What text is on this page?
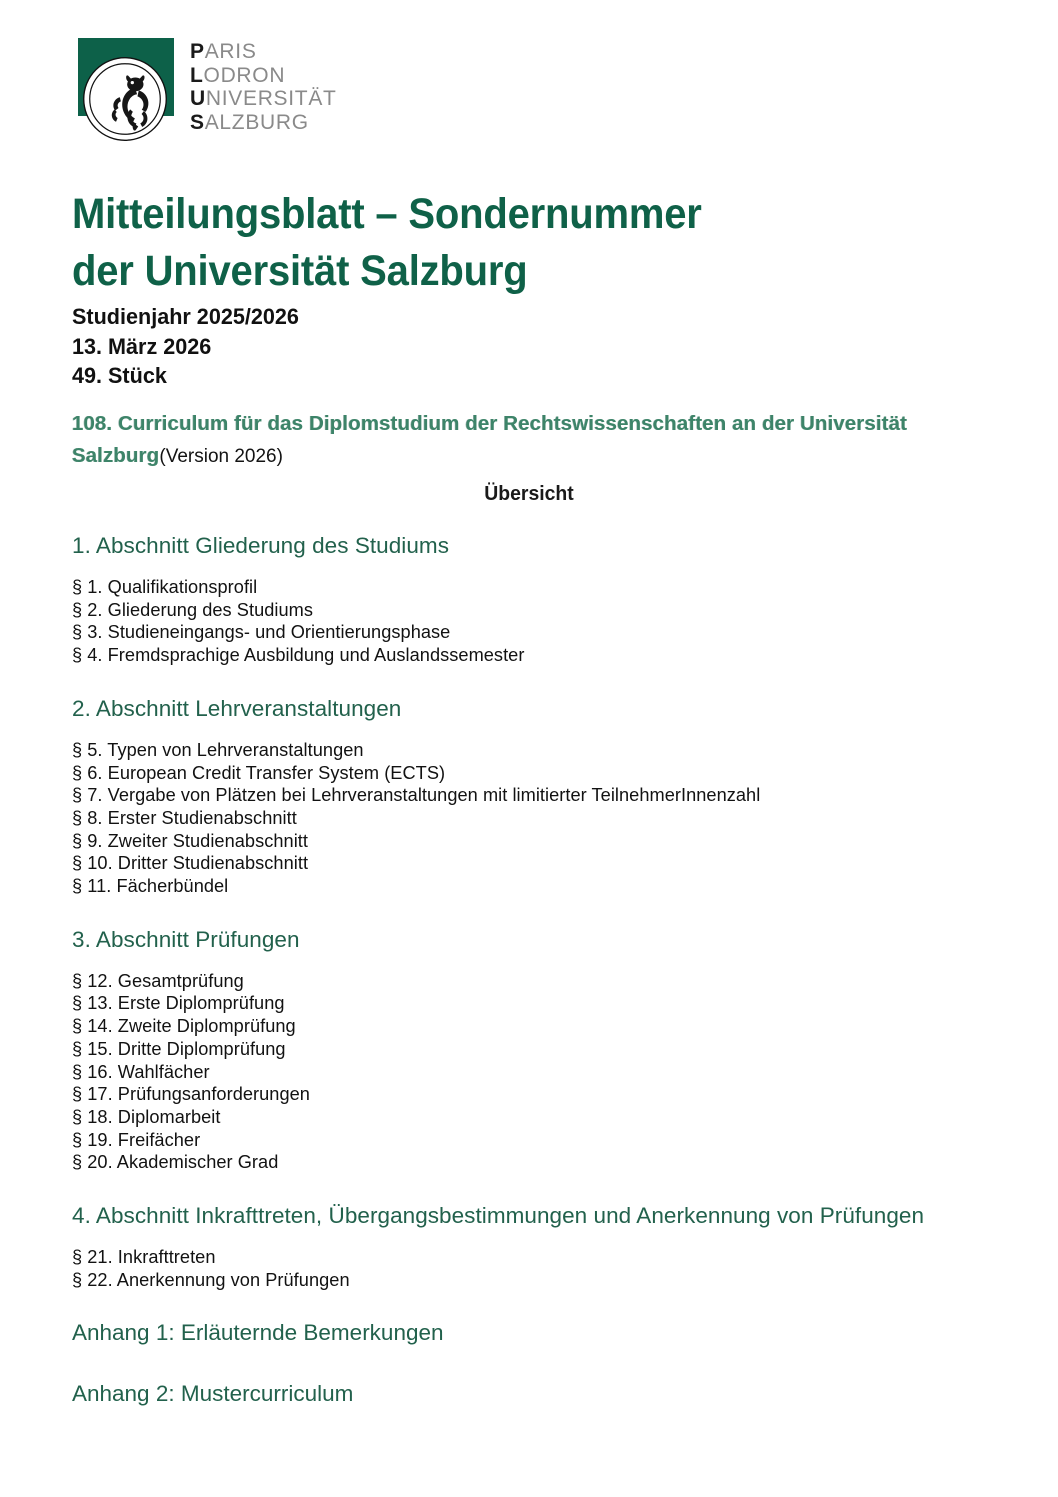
PARIS
LODRON
UNIVERSITÄT
SALZBURG
Mitteilungsblatt – Sondernummer
der Universität Salzburg
Studienjahr 2025/2026
13. März 2026
49. Stück
108. Curriculum für das Diplomstudium der Rechtswissenschaften an der Universität Salzburg(Version 2026)
Übersicht
1. Abschnitt Gliederung des Studiums
§ 1. Qualifikationsprofil
§ 2. Gliederung des Studiums
§ 3. Studieneingangs- und Orientierungsphase
§ 4. Fremdsprachige Ausbildung und Auslandssemester
2. Abschnitt Lehrveranstaltungen
§ 5. Typen von Lehrveranstaltungen
§ 6. European Credit Transfer System (ECTS)
§ 7. Vergabe von Plätzen bei Lehrveranstaltungen mit limitierter TeilnehmerInnenzahl
§ 8. Erster Studienabschnitt
§ 9. Zweiter Studienabschnitt
§ 10. Dritter Studienabschnitt
§ 11. Fächerbündel
3. Abschnitt Prüfungen
§ 12. Gesamtprüfung
§ 13. Erste Diplomprüfung
§ 14. Zweite Diplomprüfung
§ 15. Dritte Diplomprüfung
§ 16. Wahlfächer
§ 17. Prüfungsanforderungen
§ 18. Diplomarbeit
§ 19. Freifächer
§ 20. Akademischer Grad
4. Abschnitt Inkrafttreten, Übergangsbestimmungen und Anerkennung von Prüfungen
§ 21. Inkrafttreten
§ 22. Anerkennung von Prüfungen
Anhang 1: Erläuternde Bemerkungen
Anhang 2: Mustercurriculum
